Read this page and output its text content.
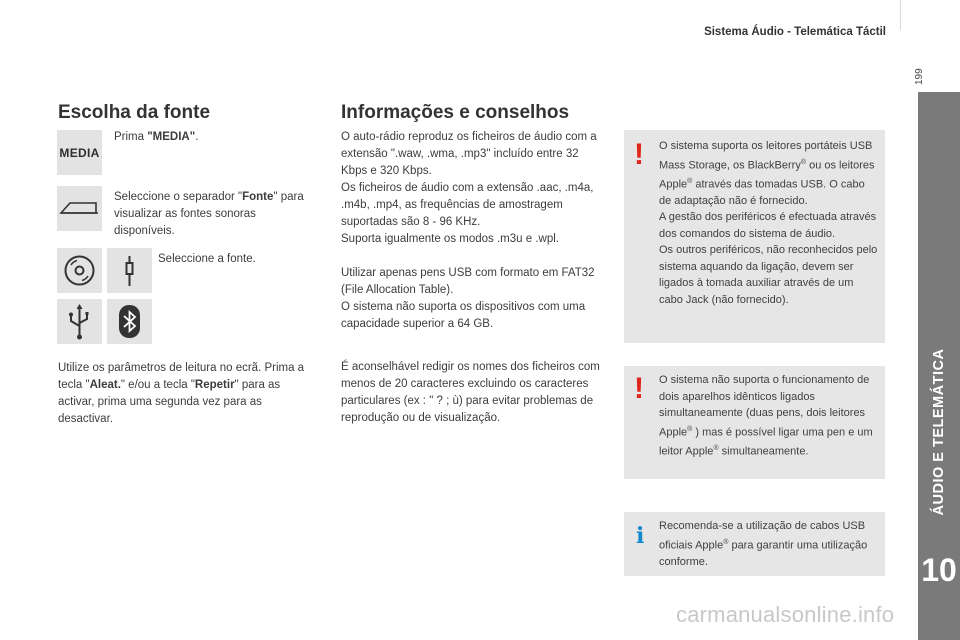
Sistema Áudio - Telemática Táctil
199
ÁUDIO E TELEMÁTICA
10
Escolha da fonte
MEDIA

Prima "MEDIA".

Seleccione o separador "Fonte" para visualizar as fontes sonoras disponíveis.

Seleccione a fonte.

Utilize os parâmetros de leitura no ecrã. Prima a tecla "Aleat." e/ou a tecla "Repetir" para as activar, prima uma segunda vez para as desactivar.

Informações e conselhos

O auto-rádio reproduz os ficheiros de áudio com a extensão ".waw, .wma, .mp3" incluído entre 32 Kbps e 320 Kbps.

Os ficheiros de áudio com a extensão .aac, .m4a, .m4b, .mp4, as frequências de amostragem suportadas são 8 - 96 KHz.

Suporta igualmente os modos .m3u e .wpl.

Utilizar apenas pens USB com formato em FAT32 (File Allocation Table).

O sistema não suporta os dispositivos com uma capacidade superior a 64 GB.

É aconselhável redigir os nomes dos ficheiros com menos de 20 caracteres excluindo os caracteres particulares (ex : " ? ; ù) para evitar problemas de reprodução ou de visualização.

! O sistema suporta os leitores portáteis USB Mass Storage, os BlackBerry® ou os leitores Apple® através das tomadas USB. O cabo de adaptação não é fornecido.

A gestão dos periféricos é efectuada através dos comandos do sistema de áudio.

Os outros periféricos, não reconhecidos pelo sistema aquando da ligação, devem ser ligados à tomada auxiliar através de um cabo Jack (não fornecido).

! O sistema não suporta o funcionamento de dois aparelhos idênticos ligados simultaneamente (duas pens, dois leitores Apple® ) mas é possível ligar uma pen e um leitor Apple® simultaneamente.

i Recomenda-se a utilização de cabos USB oficiais Apple® para garantir uma utilização conforme.

carmanualsonline.info
